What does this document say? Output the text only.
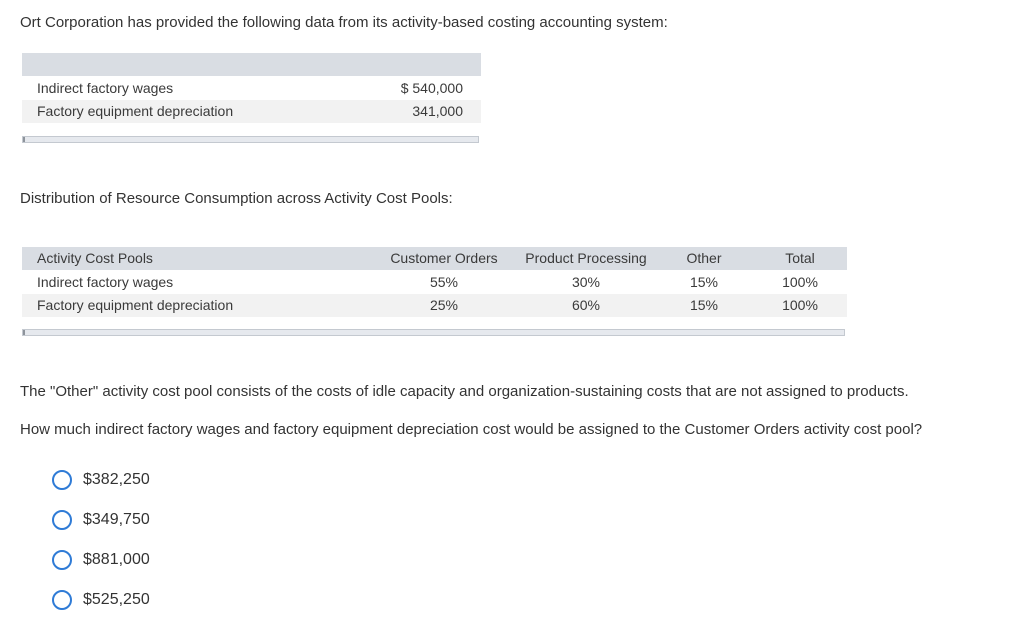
Ort Corporation has provided the following data from its activity-based costing accounting system:
Indirect factory wages	$ 540,000
Factory equipment depreciation	341,000
Distribution of Resource Consumption across Activity Cost Pools:
Activity Cost Pools	Customer Orders	Product Processing	Other	Total
Indirect factory wages	55%	30%	15%	100%
Factory equipment depreciation	25%	60%	15%	100%
The "Other" activity cost pool consists of the costs of idle capacity and organization-sustaining costs that are not assigned to products.
How much indirect factory wages and factory equipment depreciation cost would be assigned to the Customer Orders activity cost pool?
$382,250
$349,750
$881,000
$525,250
